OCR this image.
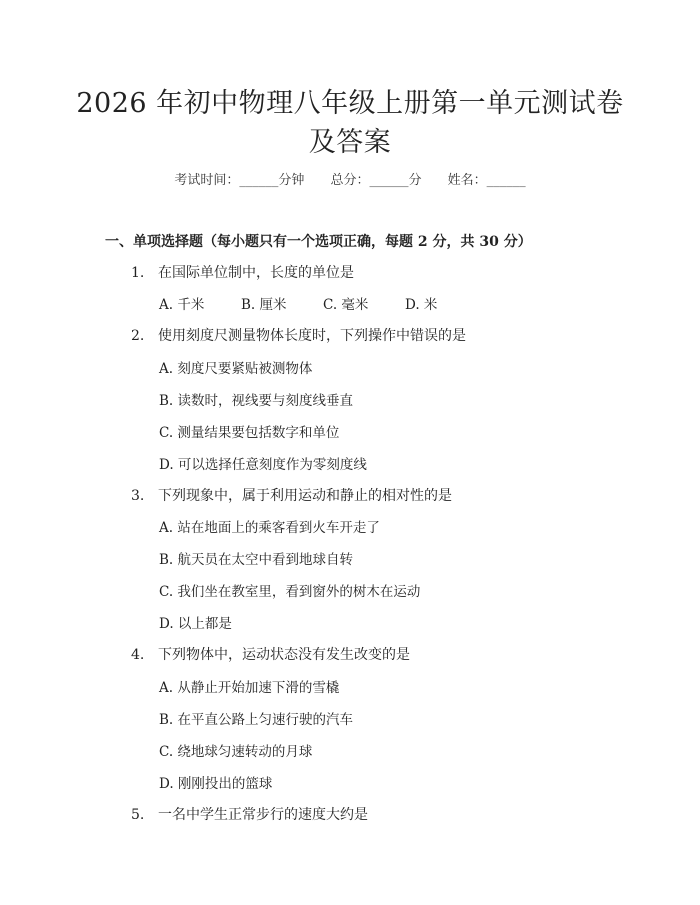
2026 年初中物理八年级上册第一单元测试卷
及答案
考试时间：______分钟 总分：______分 姓名：______
一、单项选择题（每小题只有一个选项正确，每题 2 分，共 30 分）
1. 在国际单位制中，长度的单位是
A. 千米	B. 厘米	C. 毫米	D. 米
2. 使用刻度尺测量物体长度时，下列操作中错误的是
A. 刻度尺要紧贴被测物体
B. 读数时，视线要与刻度线垂直
C. 测量结果要包括数字和单位
D. 可以选择任意刻度作为零刻度线
3. 下列现象中，属于利用运动和静止的相对性的是
A. 站在地面上的乘客看到火车开走了
B. 航天员在太空中看到地球自转
C. 我们坐在教室里，看到窗外的树木在运动
D. 以上都是
4. 下列物体中，运动状态没有发生改变的是
A. 从静止开始加速下滑的雪橇
B. 在平直公路上匀速行驶的汽车
C. 绕地球匀速转动的月球
D. 刚刚投出的篮球
5. 一名中学生正常步行的速度大约是
